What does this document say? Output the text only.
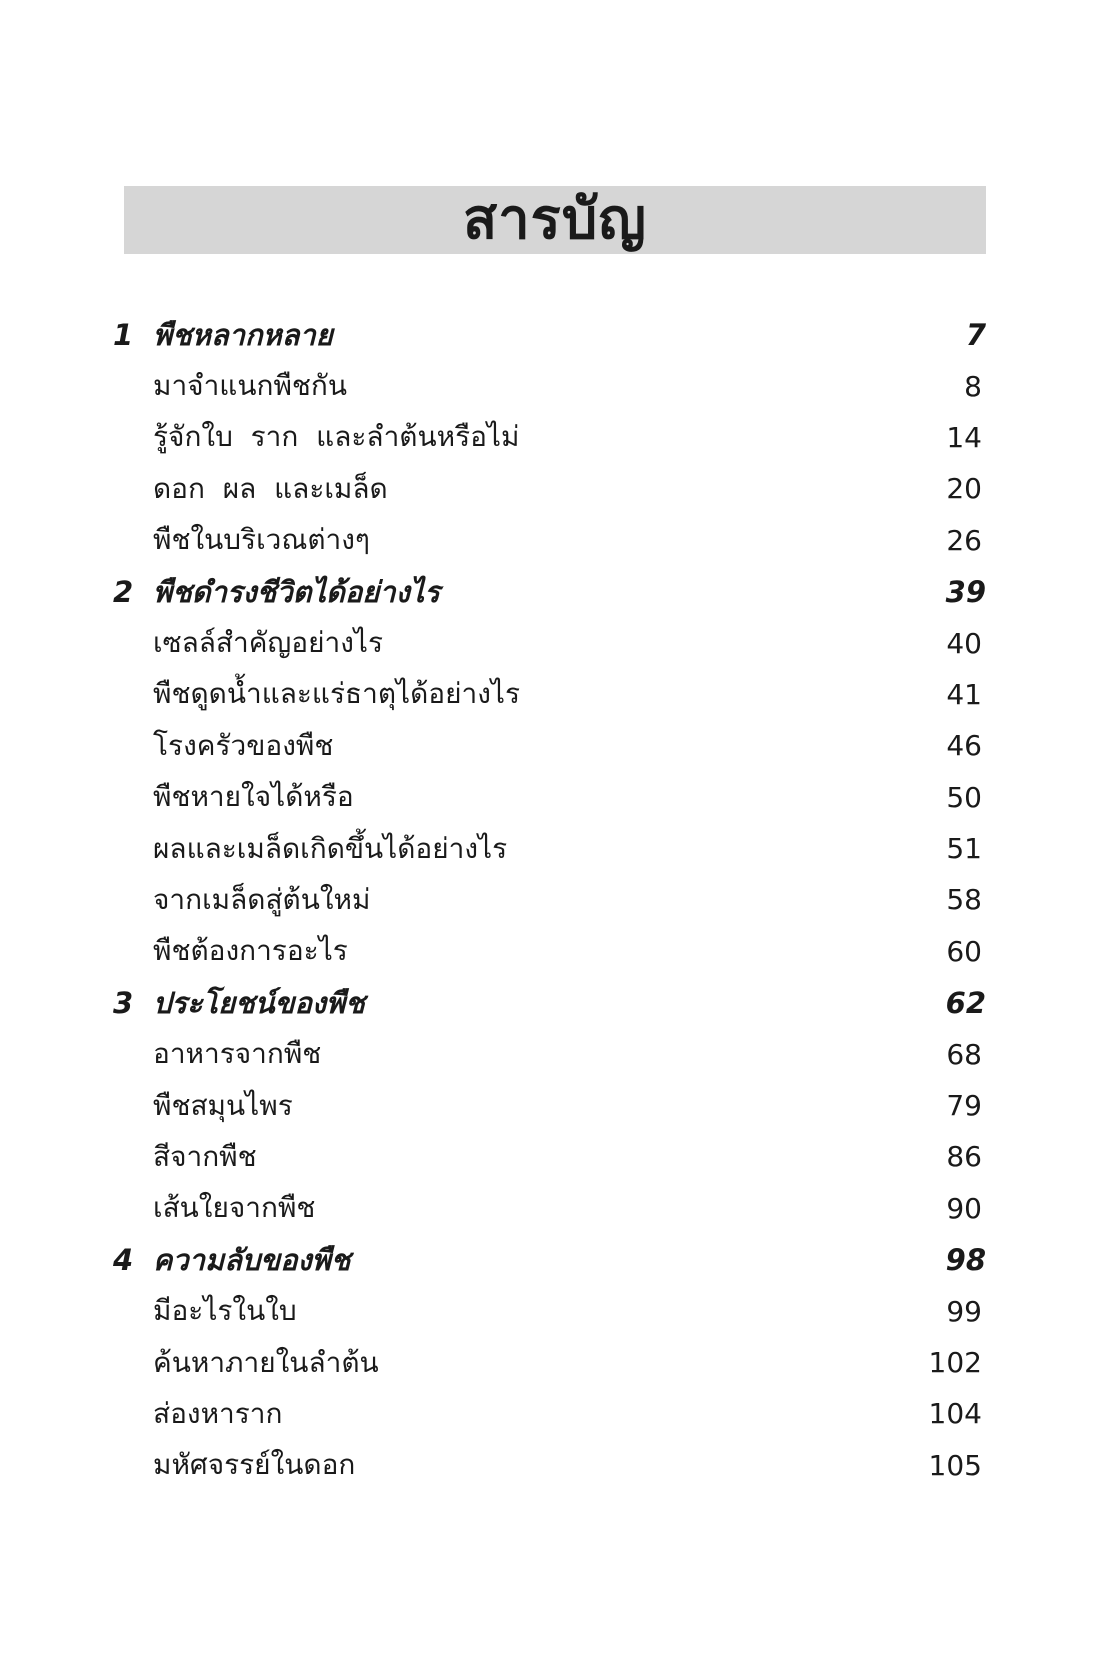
สารบัญ
1 พืชหลากหลาย	7
มาจำแนกพืชกัน	8
รู้จักใบ  ราก  และลำต้นหรือไม่	14
ดอก  ผล  และเมล็ด	20
พืชในบริเวณต่างๆ	26
2 พืชดำรงชีวิตได้อย่างไร	39
เซลล์สำคัญอย่างไร	40
พืชดูดน้ำและแร่ธาตุได้อย่างไร	41
โรงครัวของพืช	46
พืชหายใจได้หรือ	50
ผลและเมล็ดเกิดขึ้นได้อย่างไร	51
จากเมล็ดสู่ต้นใหม่	58
พืชต้องการอะไร	60
3 ประโยชน์ของพืช	62
อาหารจากพืช	68
พืชสมุนไพร	79
สีจากพืช	86
เส้นใยจากพืช	90
4 ความลับของพืช	98
มีอะไรในใบ	99
ค้นหาภายในลำต้น	102
ส่องหาราก	104
มหัศจรรย์ในดอก	105
